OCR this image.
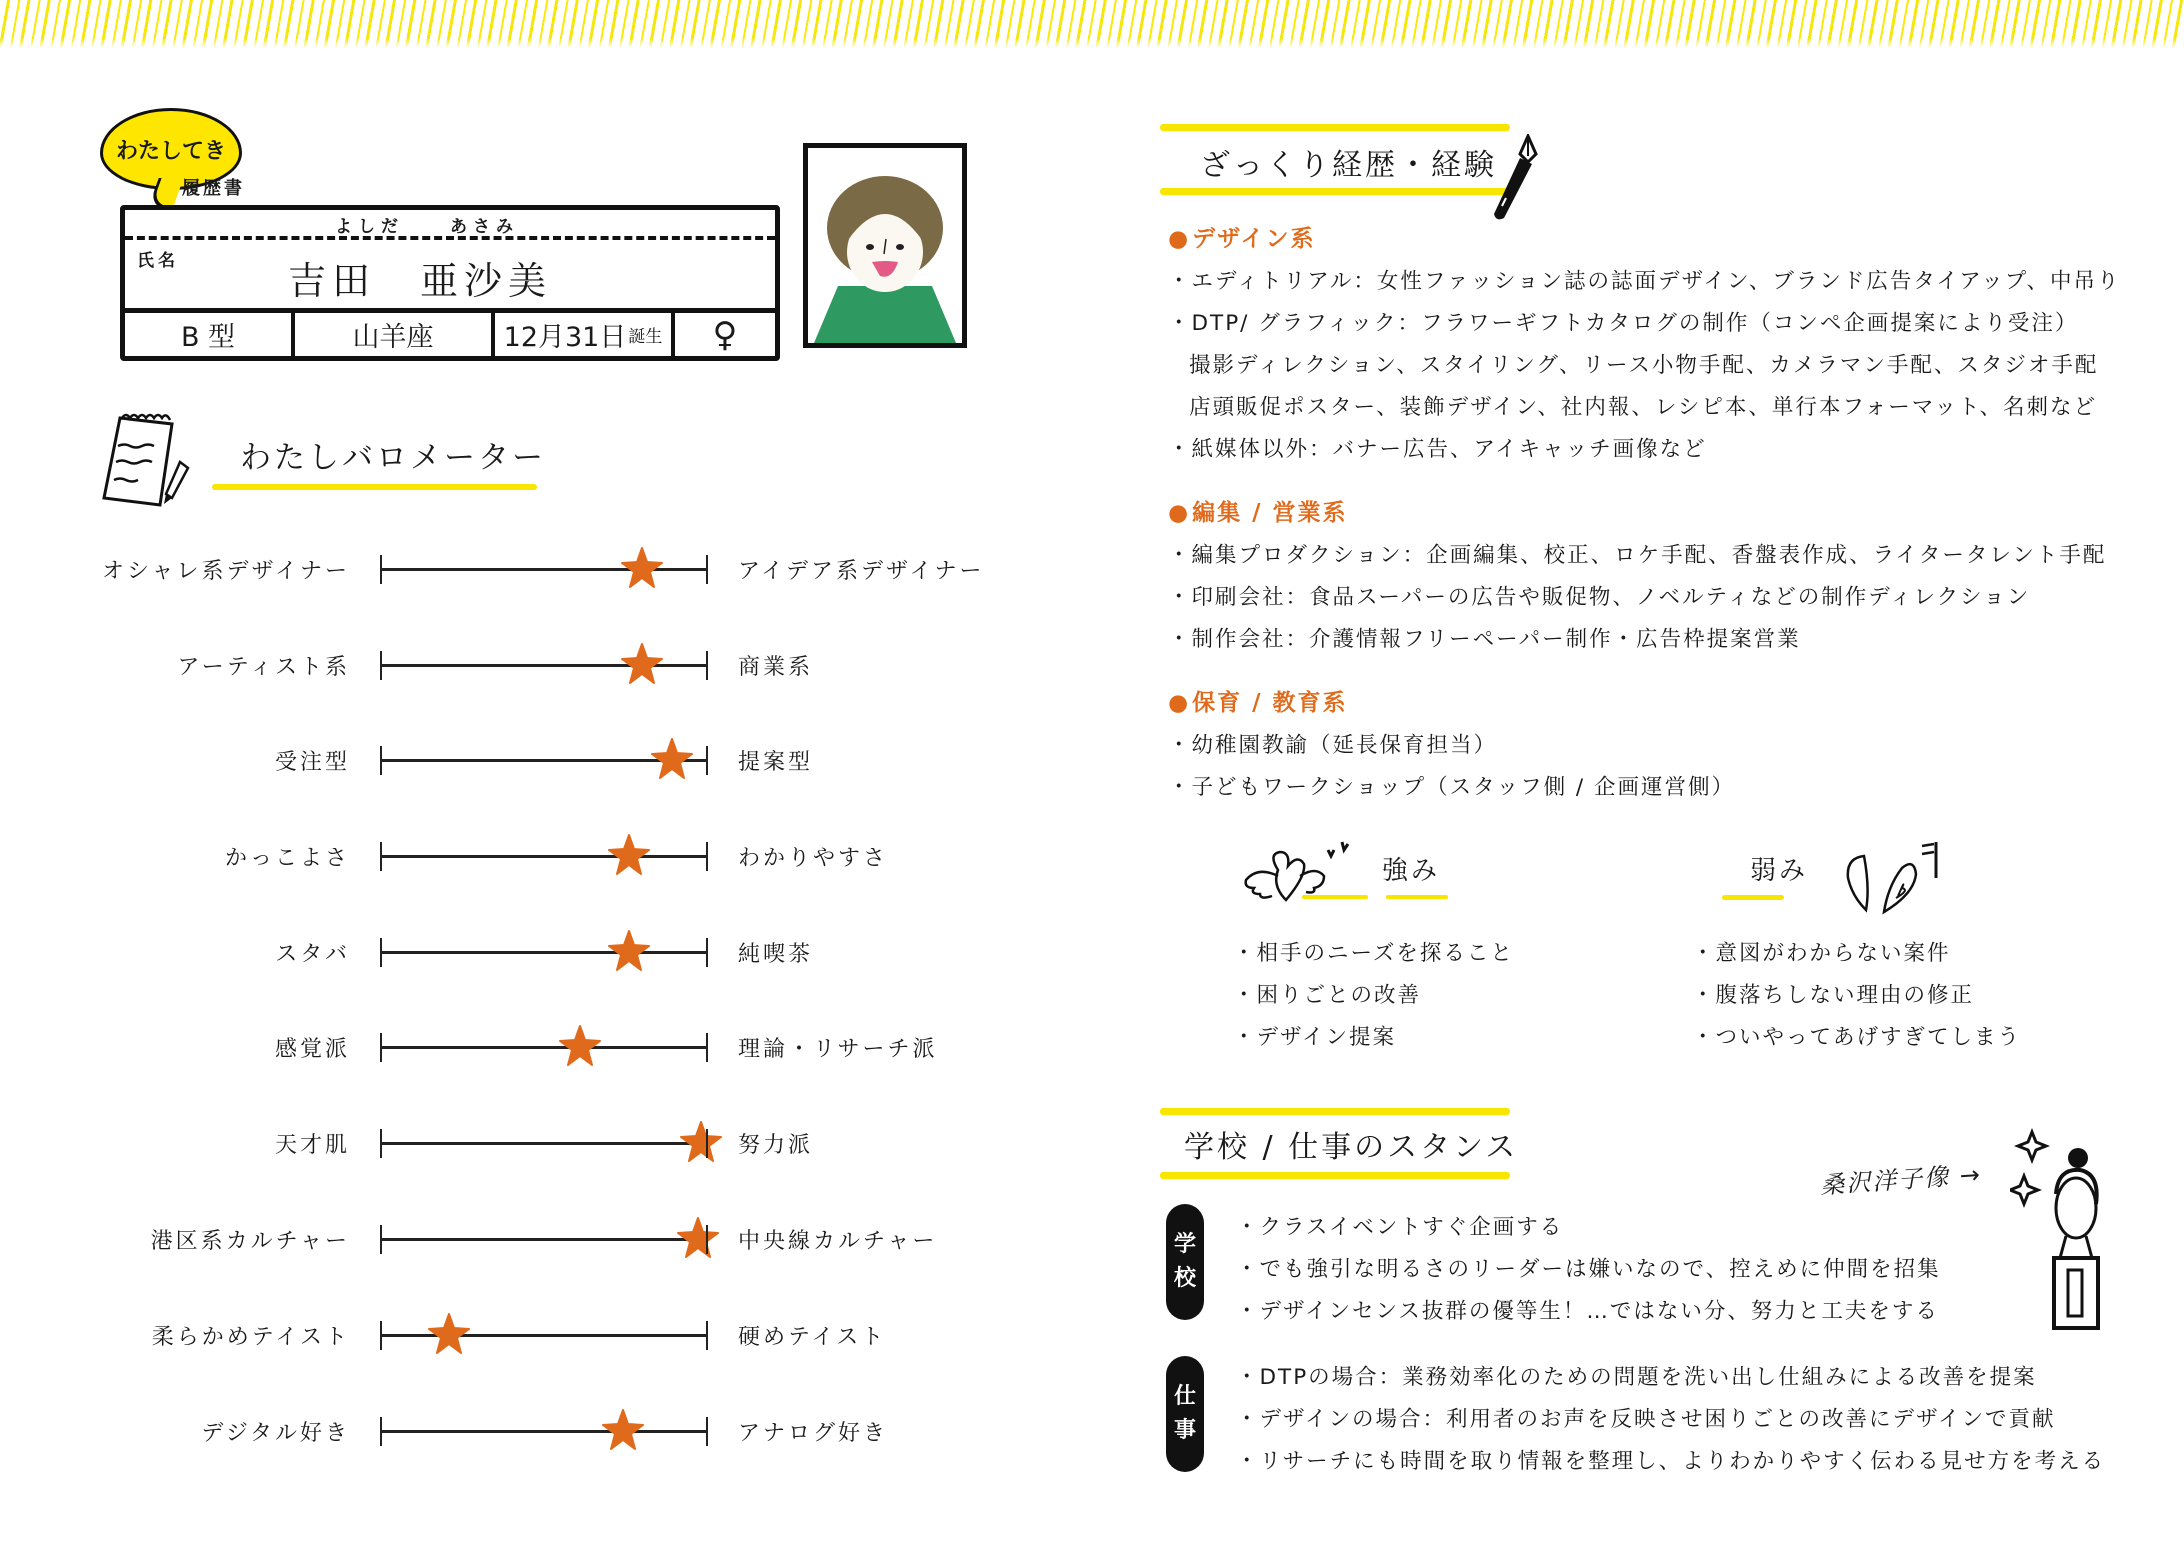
わたしてき
履歴書
よしだ	あさみ
氏名	吉田　亜沙美
B 型	山羊座	12月31日 誕生 ♀
わたしバロメーター
オシャレ系デザイナー	アイデア系デザイナー
アーティスト系	商業系
受注型	提案型
かっこよさ	わかりやすさ
スタバ	純喫茶
感覚派	理論・リサーチ派
天才肌	努力派
港区系カルチャー	中央線カルチャー
柔らかめテイスト	硬めテイスト
デジタル好き	アナログ好き
ざっくり経歴・経験
● デザイン系
・エディトリアル：女性ファッション誌の誌面デザイン、ブランド広告タイアップ、中吊り
・DTP/ グラフィック：フラワーギフトカタログの制作（コンペ企画提案により受注）
撮影ディレクション、スタイリング、リース小物手配、カメラマン手配、スタジオ手配
店頭販促ポスター、装飾デザイン、社内報、レシピ本、単行本フォーマット、名刺など
・紙媒体以外：バナー広告、アイキャッチ画像など
● 編集 / 営業系
・編集プロダクション：企画編集、校正、ロケ手配、香盤表作成、ライタータレント手配
・印刷会社：食品スーパーの広告や販促物、ノベルティなどの制作ディレクション
・制作会社：介護情報フリーペーパー制作・広告枠提案営業
● 保育 / 教育系
・幼稚園教諭（延長保育担当）
・子どもワークショップ（スタッフ側 / 企画運営側）
強み
・相手のニーズを探ること
・困りごとの改善
・デザイン提案
弱み
・意図がわからない案件
・腹落ちしない理由の修正
・ついやってあげすぎてしまう
学校 / 仕事のスタンス
桑沢洋子像 →
学
校
・クラスイベントすぐ企画する
・でも強引な明るさのリーダーは嫌いなので、控えめに仲間を招集
・デザインセンス抜群の優等生！…ではない分、努力と工夫をする
仕
事
・DTPの場合：業務効率化のための問題を洗い出し仕組みによる改善を提案
・デザインの場合：利用者のお声を反映させ困りごとの改善にデザインで貢献
・リサーチにも時間を取り情報を整理し、よりわかりやすく伝わる見せ方を考える
